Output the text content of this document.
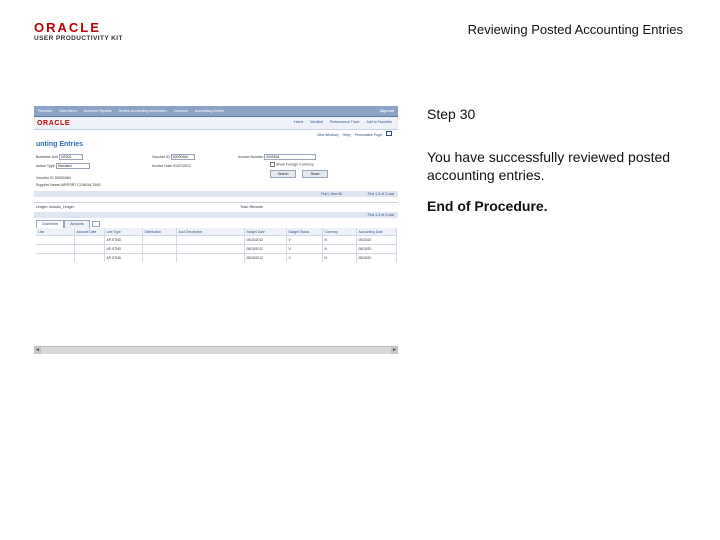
ORACLE
USER PRODUCTIVITY KIT
Reviewing Posted Accounting Entries
Favorites Main Menu Accounts Payable Review Accounting Information Vouchers Accounting Entries	Sign out
ORACLE	Home Worklist Performance Trace Add to Favorites
New Window| Help| Personalize Page
unting Entries
Business Unit US001	Voucher ID 00000464	Invoice Number 0000534
Action Type Standard	Invoice Date 01/07/2012	Show Foreign Currency
Search	Reset
Voucher ID 00000464
Supplier Name AIRPORT CONSULTING
Find | View All	First 1-3 of 3 Last
Ledger: Actuals_Ledger	Total: Records
First 1-3 of 3 Last
Chartfields	Amounts
Line	Account Date	Line Type	Distribution	Acct Description	Budget Date	Budget Status	Currency	Accounting Date
		AP-STND			05/20/2012	V	N	05/20/20
		AP-STND			05/20/2012	V	N	05/20/20
		AP-STND			05/20/2012	V	N	05/20/20
◄	►
Step 30
You have successfully reviewed posted accounting entries.
End of Procedure.
